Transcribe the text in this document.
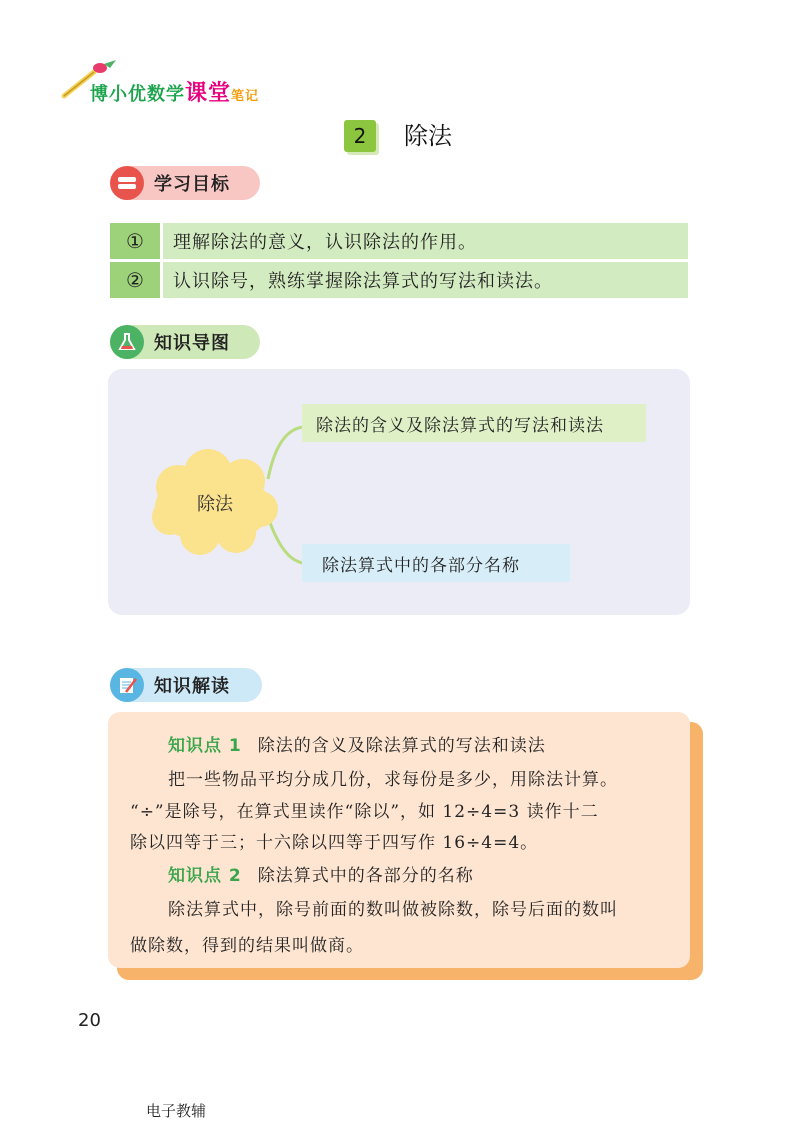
博小优数学课堂笔记
2	除法
学习目标
①	理解除法的意义，认识除法的作用。
②	认识除号，熟练掌握除法算式的写法和读法。
知识导图
除法
除法的含义及除法算式的写法和读法
除法算式中的各部分名称
知识解读
知识点 1 除法的含义及除法算式的写法和读法
把一些物品平均分成几份，求每份是多少，用除法计算。
“÷”是除号，在算式里读作“除以”，如 12÷4=3 读作十二
除以四等于三；十六除以四等于四写作 16÷4=4。
知识点 2 除法算式中的各部分的名称
除法算式中，除号前面的数叫做被除数，除号后面的数叫
做除数，得到的结果叫做商。
20
电子教辅
